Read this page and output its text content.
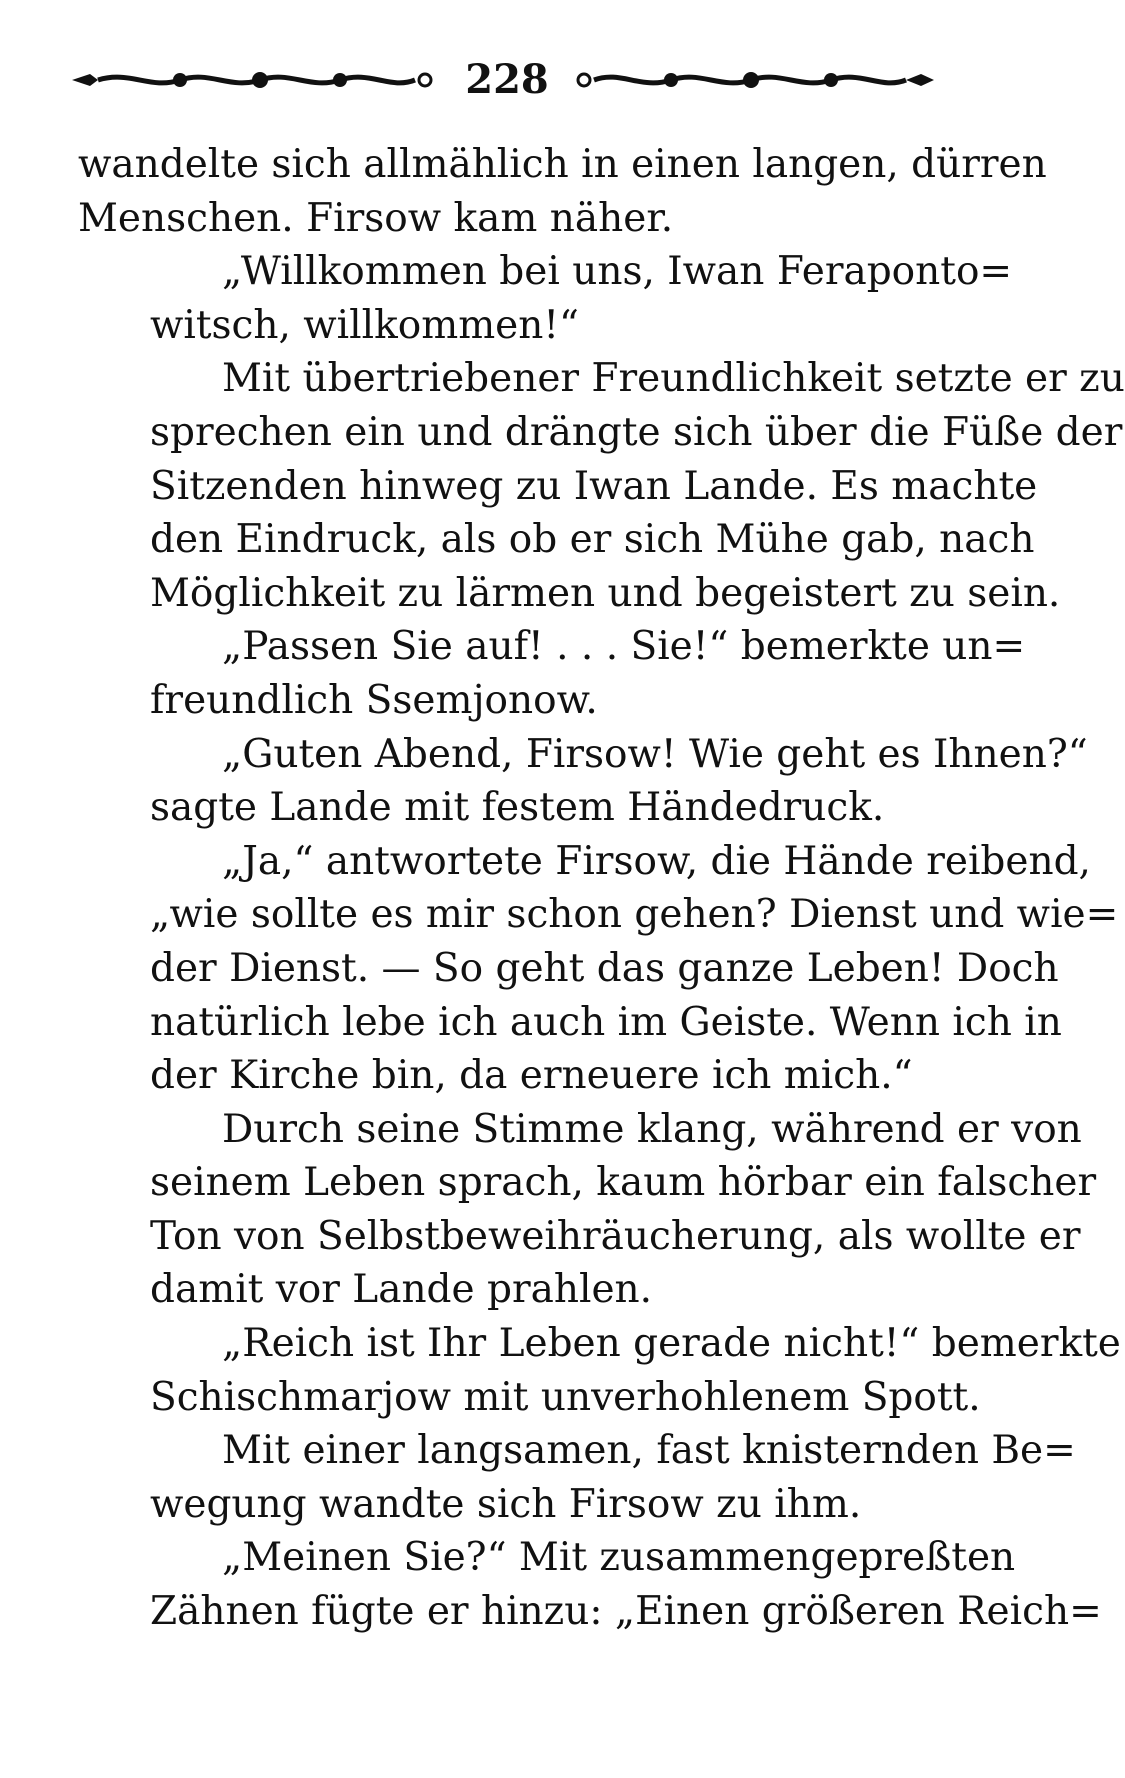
228

wandelte sich allmählich in einen langen, dürren
Menschen. Firsow kam näher.

„Willkommen bei uns, Iwan Feraponto=
witsch, willkommen!“

Mit übertriebener Freundlichkeit setzte er zu
sprechen ein und drängte sich über die Füße der
Sitzenden hinweg zu Iwan Lande. Es machte
den Eindruck, als ob er sich Mühe gab, nach
Möglichkeit zu lärmen und begeistert zu sein.

„Passen Sie auf! . . . Sie!“ bemerkte un=
freundlich Ssemjonow.

„Guten Abend, Firsow! Wie geht es Ihnen?“
sagte Lande mit festem Händedruck.

„Ja,“ antwortete Firsow, die Hände reibend,
„wie sollte es mir schon gehen? Dienst und wie=
der Dienst. — So geht das ganze Leben! Doch
natürlich lebe ich auch im Geiste. Wenn ich in
der Kirche bin, da erneuere ich mich.“

Durch seine Stimme klang, während er von
seinem Leben sprach, kaum hörbar ein falscher
Ton von Selbstbeweihräucherung, als wollte er
damit vor Lande prahlen.

„Reich ist Ihr Leben gerade nicht!“ bemerkte
Schischmarjow mit unverhohlenem Spott.

Mit einer langsamen, fast knisternden Be=
wegung wandte sich Firsow zu ihm.

„Meinen Sie?“ Mit zusammengepreßten
Zähnen fügte er hinzu: „Einen größeren Reich=
